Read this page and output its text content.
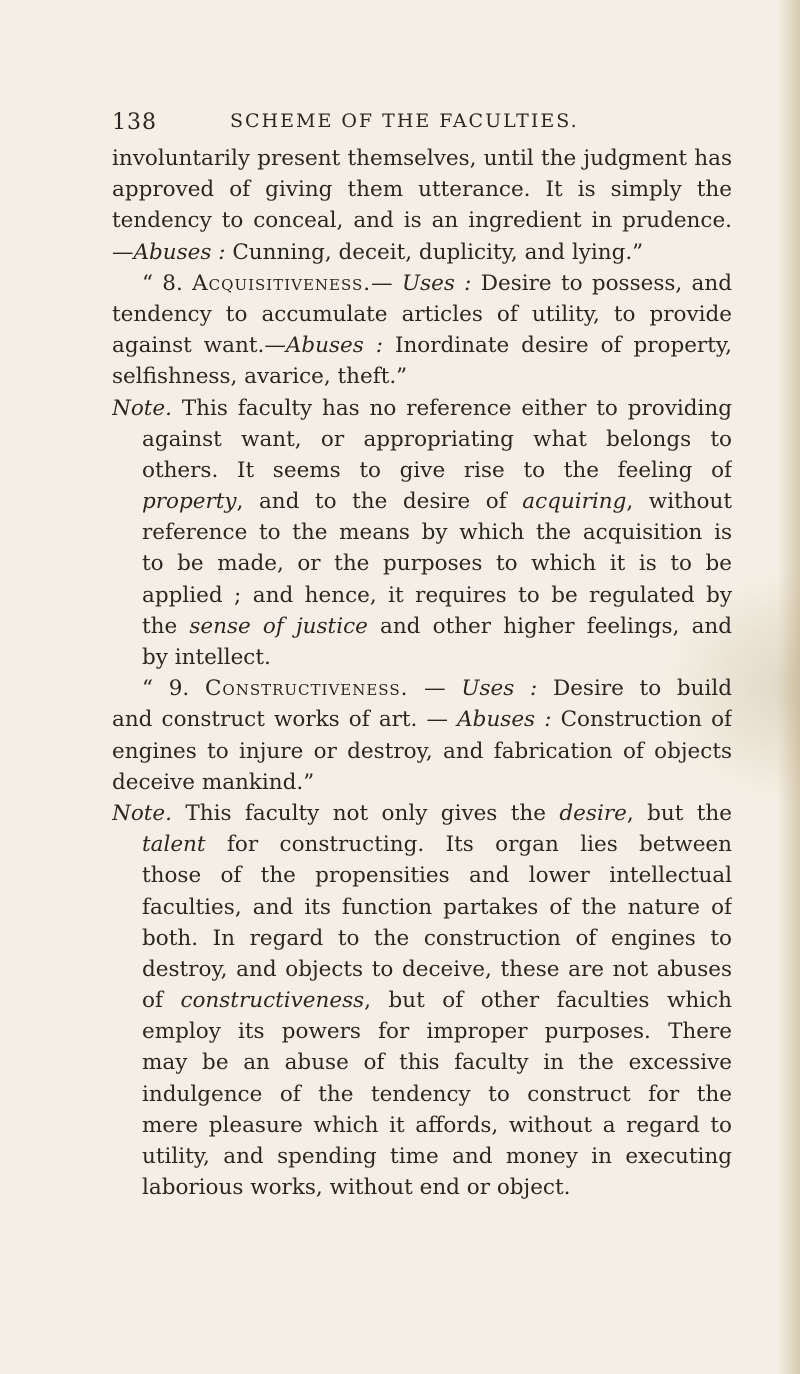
138	SCHEME OF THE FACULTIES.
involuntarily present themselves, until the judgment has
approved of giving them utterance. It is simply the
tendency to conceal, and is an ingredient in prudence.
—Abuses : Cunning, deceit, duplicity, and lying.”
“ 8. Acquisitiveness.— Uses : Desire to possess, and
tendency to accumulate articles of utility, to provide
against want.—Abuses : Inordinate desire of property,
selfishness, avarice, theft.”
Note. This faculty has no reference either to providing
against want, or appropriating what belongs to
others. It seems to give rise to the feeling of
property, and to the desire of acquiring, without
reference to the means by which the acquisition is
to be made, or the purposes to which it is to be
applied ; and hence, it requires to be regulated by
the sense of justice and other higher feelings, and
by intellect.
“ 9. Constructiveness. — Uses : Desire to build
and construct works of art. — Abuses : Construction of
engines to injure or destroy, and fabrication of objects
deceive mankind.”
Note. This faculty not only gives the desire, but the
talent for constructing. Its organ lies between
those of the propensities and lower intellectual
faculties, and its function partakes of the nature of
both. In regard to the construction of engines to
destroy, and objects to deceive, these are not abuses
of constructiveness, but of other faculties which
employ its powers for improper purposes. There
may be an abuse of this faculty in the excessive
indulgence of the tendency to construct for the
mere pleasure which it affords, without a regard to
utility, and spending time and money in executing
laborious works, without end or object.
